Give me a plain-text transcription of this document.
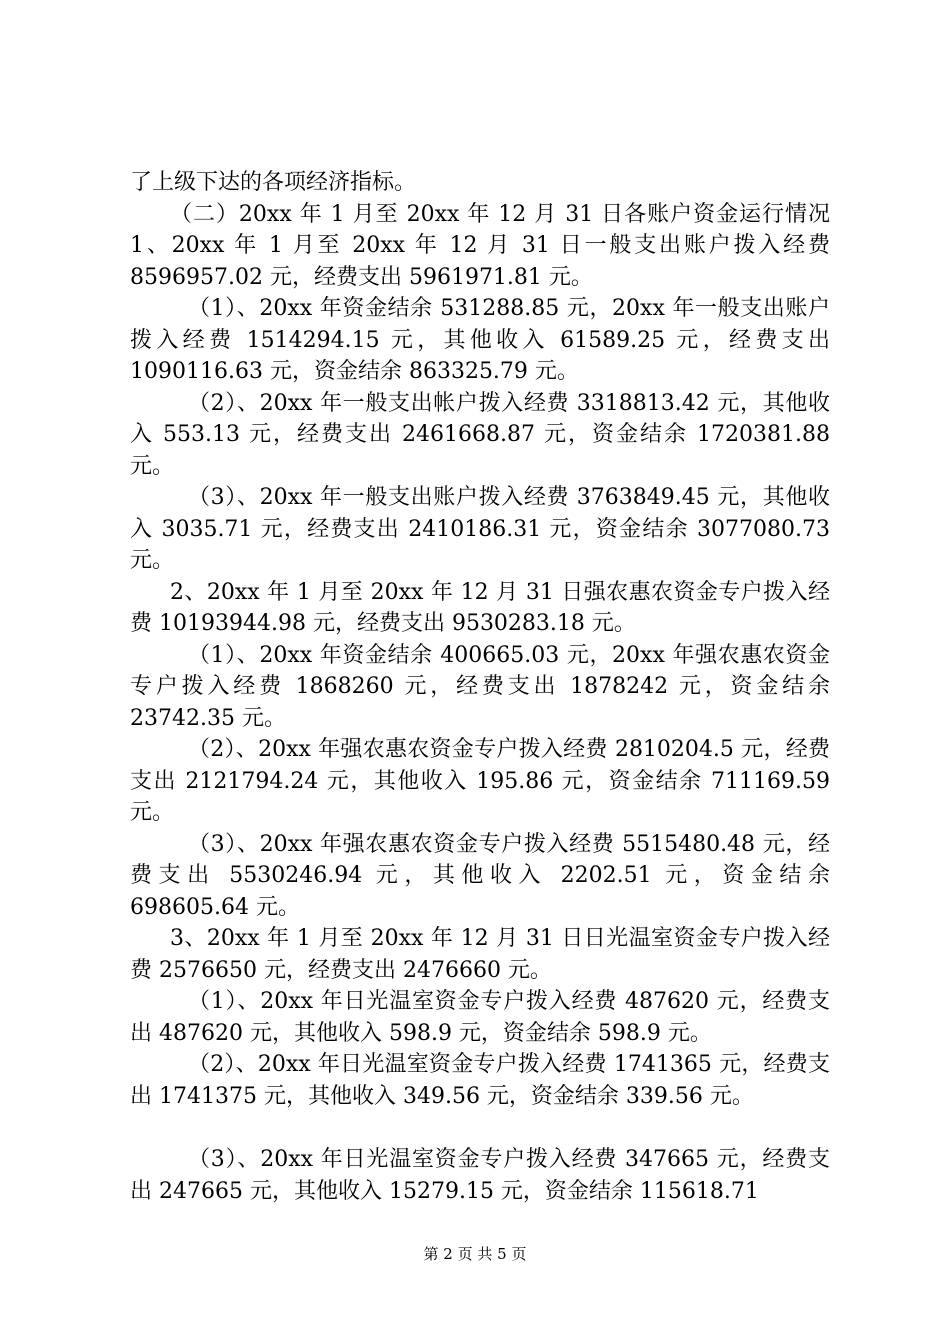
了上级下达的各项经济指标。

（二）20xx 年 1 月至 20xx 年 12 月 31 日各账户资金运行情况 1、20xx 年 1 月至 20xx 年 12 月 31 日一般支出账户拨入经费 8596957.02 元，经费支出 5961971.81 元。

（1）、20xx 年资金结余 531288.85 元，20xx 年一般支出账户拨入经费 1514294.15 元，其他收入 61589.25 元，经费支出 1090116.63 元，资金结余 863325.79 元。

（2）、20xx 年一般支出帐户拨入经费 3318813.42 元，其他收入 553.13 元，经费支出 2461668.87 元，资金结余 1720381.88 元。

（3）、20xx 年一般支出账户拨入经费 3763849.45 元，其他收入 3035.71 元，经费支出 2410186.31 元，资金结余 3077080.73 元。

2、20xx 年 1 月至 20xx 年 12 月 31 日强农惠农资金专户拨入经费 10193944.98 元，经费支出 9530283.18 元。

（1）、20xx 年资金结余 400665.03 元，20xx 年强农惠农资金专户拨入经费 1868260 元，经费支出 1878242 元，资金结余 23742.35 元。

（2）、20xx 年强农惠农资金专户拨入经费 2810204.5 元，经费支出 2121794.24 元，其他收入 195.86 元，资金结余 711169.59 元。

（3）、20xx 年强农惠农资金专户拨入经费 5515480.48 元，经费支出 5530246.94 元，其他收入 2202.51 元，资金结余 698605.64 元。

3、20xx 年 1 月至 20xx 年 12 月 31 日日光温室资金专户拨入经费 2576650 元，经费支出 2476660 元。

（1）、20xx 年日光温室资金专户拨入经费 487620 元，经费支出 487620 元，其他收入 598.9 元，资金结余 598.9 元。

（2）、20xx 年日光温室资金专户拨入经费 1741365 元，经费支出 1741375 元，其他收入 349.56 元，资金结余 339.56 元。

（3）、20xx 年日光温室资金专户拨入经费 347665 元，经费支出 247665 元，其他收入 15279.15 元，资金结余 115618.71

第 2 页 共 5 页
